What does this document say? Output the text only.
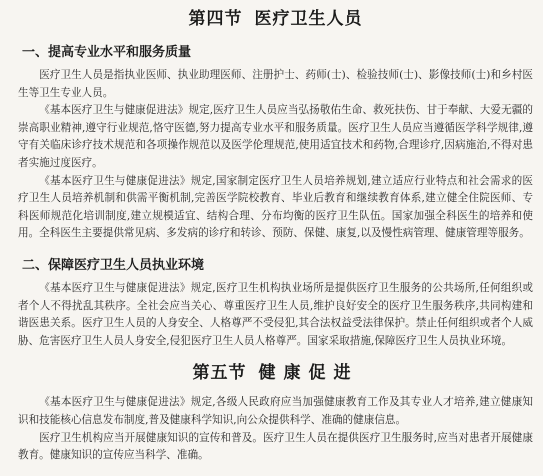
第四节 医疗卫生人员
一、提高专业水平和服务质量

医疗卫生人员是指执业医师、执业助理医师、注册护士、药师(士)、检验技师(士)、影像技师(士)和乡村医生等卫生专业人员。

《基本医疗卫生与健康促进法》规定,医疗卫生人员应当弘扬敬佑生命、救死扶伤、甘于奉献、大爱无疆的崇高职业精神,遵守行业规范,恪守医德,努力提高专业水平和服务质量。医疗卫生人员应当遵循医学科学规律,遵守有关临床诊疗技术规范和各项操作规范以及医学伦理规范,使用适宜技术和药物,合理诊疗,因病施治,不得对患者实施过度医疗。

《基本医疗卫生与健康促进法》规定,国家制定医疗卫生人员培养规划,建立适应行业特点和社会需求的医疗卫生人员培养机制和供需平衡机制,完善医学院校教育、毕业后教育和继续教育体系,建立健全住院医师、专科医师规范化培训制度,建立规模适宜、结构合理、分布均衡的医疗卫生队伍。国家加强全科医生的培养和使用。全科医生主要提供常见病、多发病的诊疗和转诊、预防、保健、康复,以及慢性病管理、健康管理等服务。

二、保障医疗卫生人员执业环境

《基本医疗卫生与健康促进法》规定,医疗卫生机构执业场所是提供医疗卫生服务的公共场所,任何组织或者个人不得扰乱其秩序。全社会应当关心、尊重医疗卫生人员,维护良好安全的医疗卫生服务秩序,共同构建和谐医患关系。医疗卫生人员的人身安全、人格尊严不受侵犯,其合法权益受法律保护。禁止任何组织或者个人威胁、危害医疗卫生人员人身安全,侵犯医疗卫生人员人格尊严。国家采取措施,保障医疗卫生人员执业环境。

第五节 健康促进

《基本医疗卫生与健康促进法》规定,各级人民政府应当加强健康教育工作及其专业人才培养,建立健康知识和技能核心信息发布制度,普及健康科学知识,向公众提供科学、准确的健康信息。

医疗卫生机构应当开展健康知识的宣传和普及。医疗卫生人员在提供医疗卫生服务时,应当对患者开展健康教育。健康知识的宣传应当科学、准确。
